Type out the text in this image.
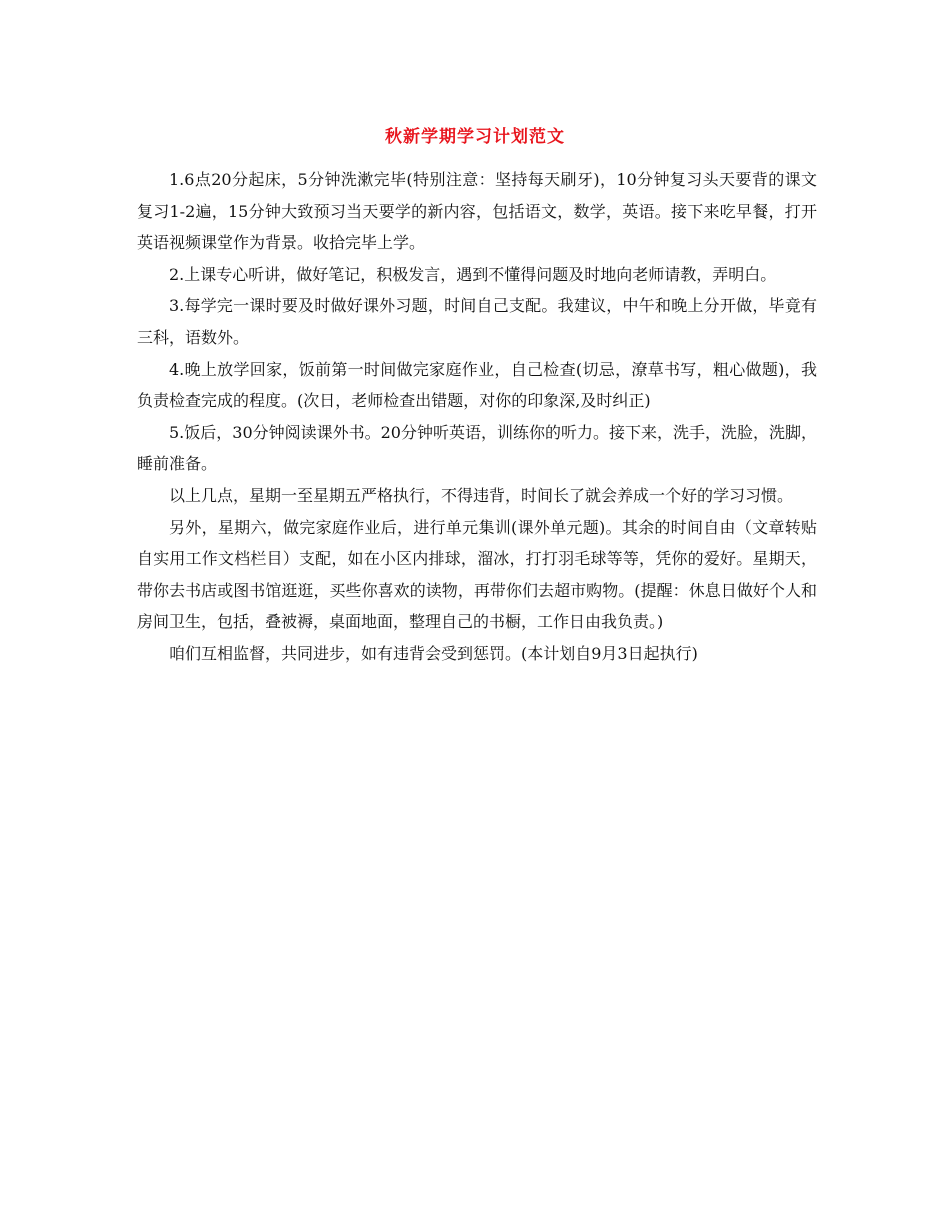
秋新学期学习计划范文

1.6点20分起床，5分钟洗漱完毕(特别注意：坚持每天刷牙)，10分钟复习头天要背的课文复习1-2遍，15分钟大致预习当天要学的新内容，包括语文，数学，英语。接下来吃早餐，打开英语视频课堂作为背景。收拾完毕上学。

2.上课专心听讲，做好笔记，积极发言，遇到不懂得问题及时地向老师请教，弄明白。

3.每学完一课时要及时做好课外习题，时间自己支配。我建议，中午和晚上分开做，毕竟有三科，语数外。

4.晚上放学回家，饭前第一时间做完家庭作业，自己检查(切忌，潦草书写，粗心做题)，我负责检查完成的程度。(次日，老师检查出错题，对你的印象深,及时纠正)

5.饭后，30分钟阅读课外书。20分钟听英语，训练你的听力。接下来，洗手，洗脸，洗脚，睡前准备。

以上几点，星期一至星期五严格执行，不得违背，时间长了就会养成一个好的学习习惯。

另外，星期六，做完家庭作业后，进行单元集训(课外单元题)。其余的时间自由（文章转贴自实用工作文档栏目）支配，如在小区内排球，溜冰，打打羽毛球等等，凭你的爱好。星期天，带你去书店或图书馆逛逛，买些你喜欢的读物，再带你们去超市购物。(提醒：休息日做好个人和房间卫生，包括，叠被褥，桌面地面，整理自己的书橱，工作日由我负责。)

咱们互相监督，共同进步，如有违背会受到惩罚。(本计划自9月3日起执行)
